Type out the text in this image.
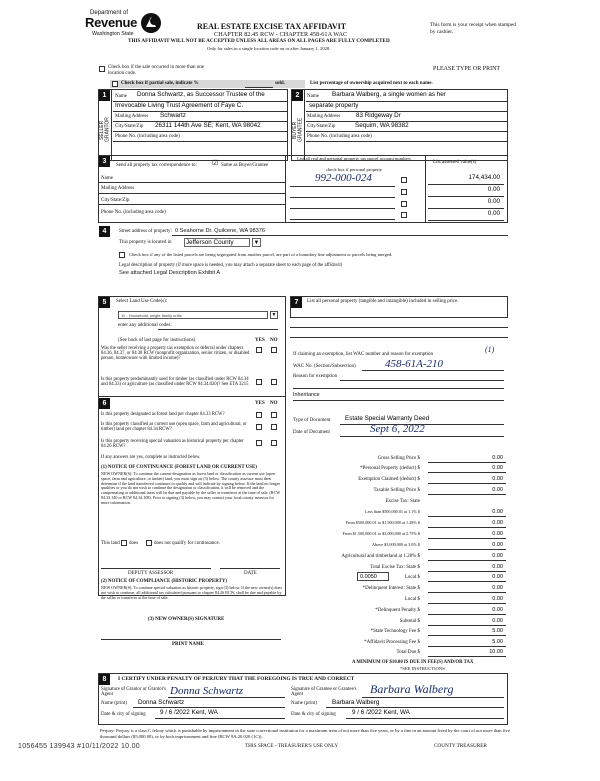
Department of
Revenue
Washington State
REAL ESTATE EXCISE TAX AFFIDAVIT
CHAPTER 82.45 RCW - CHAPTER 458-61A WAC
THIS AFFIDAVIT WILL NOT BE ACCEPTED UNLESS ALL AREAS ON ALL PAGES ARE FULLY COMPLETED
Only for sales in a single location code on or after January 1, 2020.
This form is your receipt when stamped by cashier.
PLEASE TYPE OR PRINT
Check box if the sale occurred in more than one location code.
Check box if partial sale, indicate %	sold.	List percentage of ownership acquired next to each name.
1
SELLER GRANTOR
Name Donna Schwartz, as Successor Trustee of the
Irrevocable Living Trust Agreement of Faye C.
Mailing Address Schwartz
City/State/Zip 26311 144th Ave SE; Kent, WA 98042
Phone No. (including area code)
2
BUYER GRANTEE
Name Barbara Walberg, a single women as her
separate property
Mailing Address	83 Ridgeway Dr
City/State/Zip	Sequim, WA 98382
Phone No. (including area code)
3
Send all property tax correspondence to: ☑ Same as Buyer/Grantee
Name
Mailing Address
City/State/Zip
Phone No. (including area code)
List all real and personal property tax parcel account numbers
check box if personal property
List assessed value(s)
992-000-024	174,434.00
0.00
0.00
0.00
4	Street address of property: 0 Seahorne Dr. Quilcene, WA 98376
This property is located in	Jefferson County	▼
Check box if any of the listed parcels are being segregated from another parcel, are part of a boundary line adjustment or parcels being merged.
Legal description of property (if more space is needed, you may attach a separate sheet to each page of the affidavit)
See attached Legal Description Exhibit A
5	Select Land Use Code(s):
11 - Household, single family units	▼
enter any additional codes:
(See back of last page for instructions)	YES NO
Was the seller receiving a property tax exemption or deferral under chapters 84.36, 84.37, or 84.38 RCW (nonprofit organization, senior citizen, or disabled person, homeowner with limited income)?
Is this property predominantly used for timber (as classified under RCW 84.34 and 84.33) or agriculture (as classified under RCW 84.34.020)? See ETA 3215
6	YES NO
Is this property designated as forest land per chapter 84.33 RCW?
Is this property classified as current use (open space, farm and agricultural, or timber) land per chapter 84.34 RCW?
Is this property receiving special valuation as historical property per chapter 84.26 RCW?
If any answers are yes, complete as instructed below.
(1) NOTICE OF CONTINUANCE (FOREST LAND OR CURRENT USE)
NEW OWNER(S): To continue the current designation as forest land or classification as current use (open space, farm and agriculture, or timber) land, you must sign on (3) below. The county assessor must then determine if the land transferred continues to qualify and will indicate by signing below. If the land no longer qualifies or you do not wish to continue the designation or classification, it will be removed and the compensating or additional taxes will be due and payable by the seller or transferor at the time of sale. (RCW 84.33.140 or RCW 84.34.108). Prior to signing (3) below, you may contact your local county assessor for more information.
This land does	does not qualify for continuance.
DEPUTY ASSESSOR	DATE
(2) NOTICE OF COMPLIANCE (HISTORIC PROPERTY)
NEW OWNER(S): To continue special valuation as historic property, sign (3) below. If the new owner(s) does not wish to continue, all additional tax calculated pursuant to chapter 84.26 RCW, shall be due and payable by the seller or transferor at the time of sale.
(3) NEW OWNER(S) SIGNATURE
PRINT NAME
7	List all personal property (tangible and intangible) included in selling price.
If claiming an exemption, list WAC number and reason for exemption
WAC No. (Section/Subsection)	458-61A-210
(1)
Reason for exemption
Inheritance
Type of Document Estate Special Warranty Deed
Date of Document	Sept 6, 2022
Gross Selling Price $	0.00
*Personal Property (deduct) $	0.00
Exemption Claimed (deduct) $	0.00
Taxable Selling Price $	0.00
Excise Tax: State
Less than $500,000.01 at 1.1% $	0.00
From $500,000.01 to $1,500,000 at 1.28% $	0.00
From $1,500,000.01 to $3,000,000 at 2.75% $	0.00
Above $3,000,000 at 3.0% $	0.00
Agricultural and timberland at 1.28% $	0.00
Total Excise Tax: State $	0.00
0.0050	Local $	0.00
*Delinquent Interest: State $	0.00
Local $	0.00
*Delinquent Penalty $	0.00
Subtotal $	0.00
*State Technology Fee $	5.00
*Affidavit Processing Fee $	5.00
Total Due $	10.00
A MINIMUM OF $10.00 IS DUE IN FEE(S) AND/OR TAX
*SEE INSTRUCTIONS
8	I CERTIFY UNDER PENALTY OF PERJURY THAT THE FOREGOING IS TRUE AND CORRECT
Signature of Grantor or Grantor's Agent	Donna Schwartz
Name (print) Donna Schwartz
Date & city of signing 9 / 6 /2022 Kent, WA
Signature of Grantee or Grantee's Agent	Barbara Walberg
Name (print) Barbara Walberg
Date & city of signing	9 / 6 /2022 Kent, WA
Perjury: Perjury is a class C felony which is punishable by imprisonment in the state correctional institution for a maximum term of not more than five years, or by a fine in an amount fixed by the court of not more than five thousand dollars ($5,000.00), or by both imprisonment and fine (RCW 9A.20.020 (1C)).
1056455 139943 #10/11/2022 10.00	THIS SPACE - TREASURER'S USE ONLY	COUNTY TREASURER
